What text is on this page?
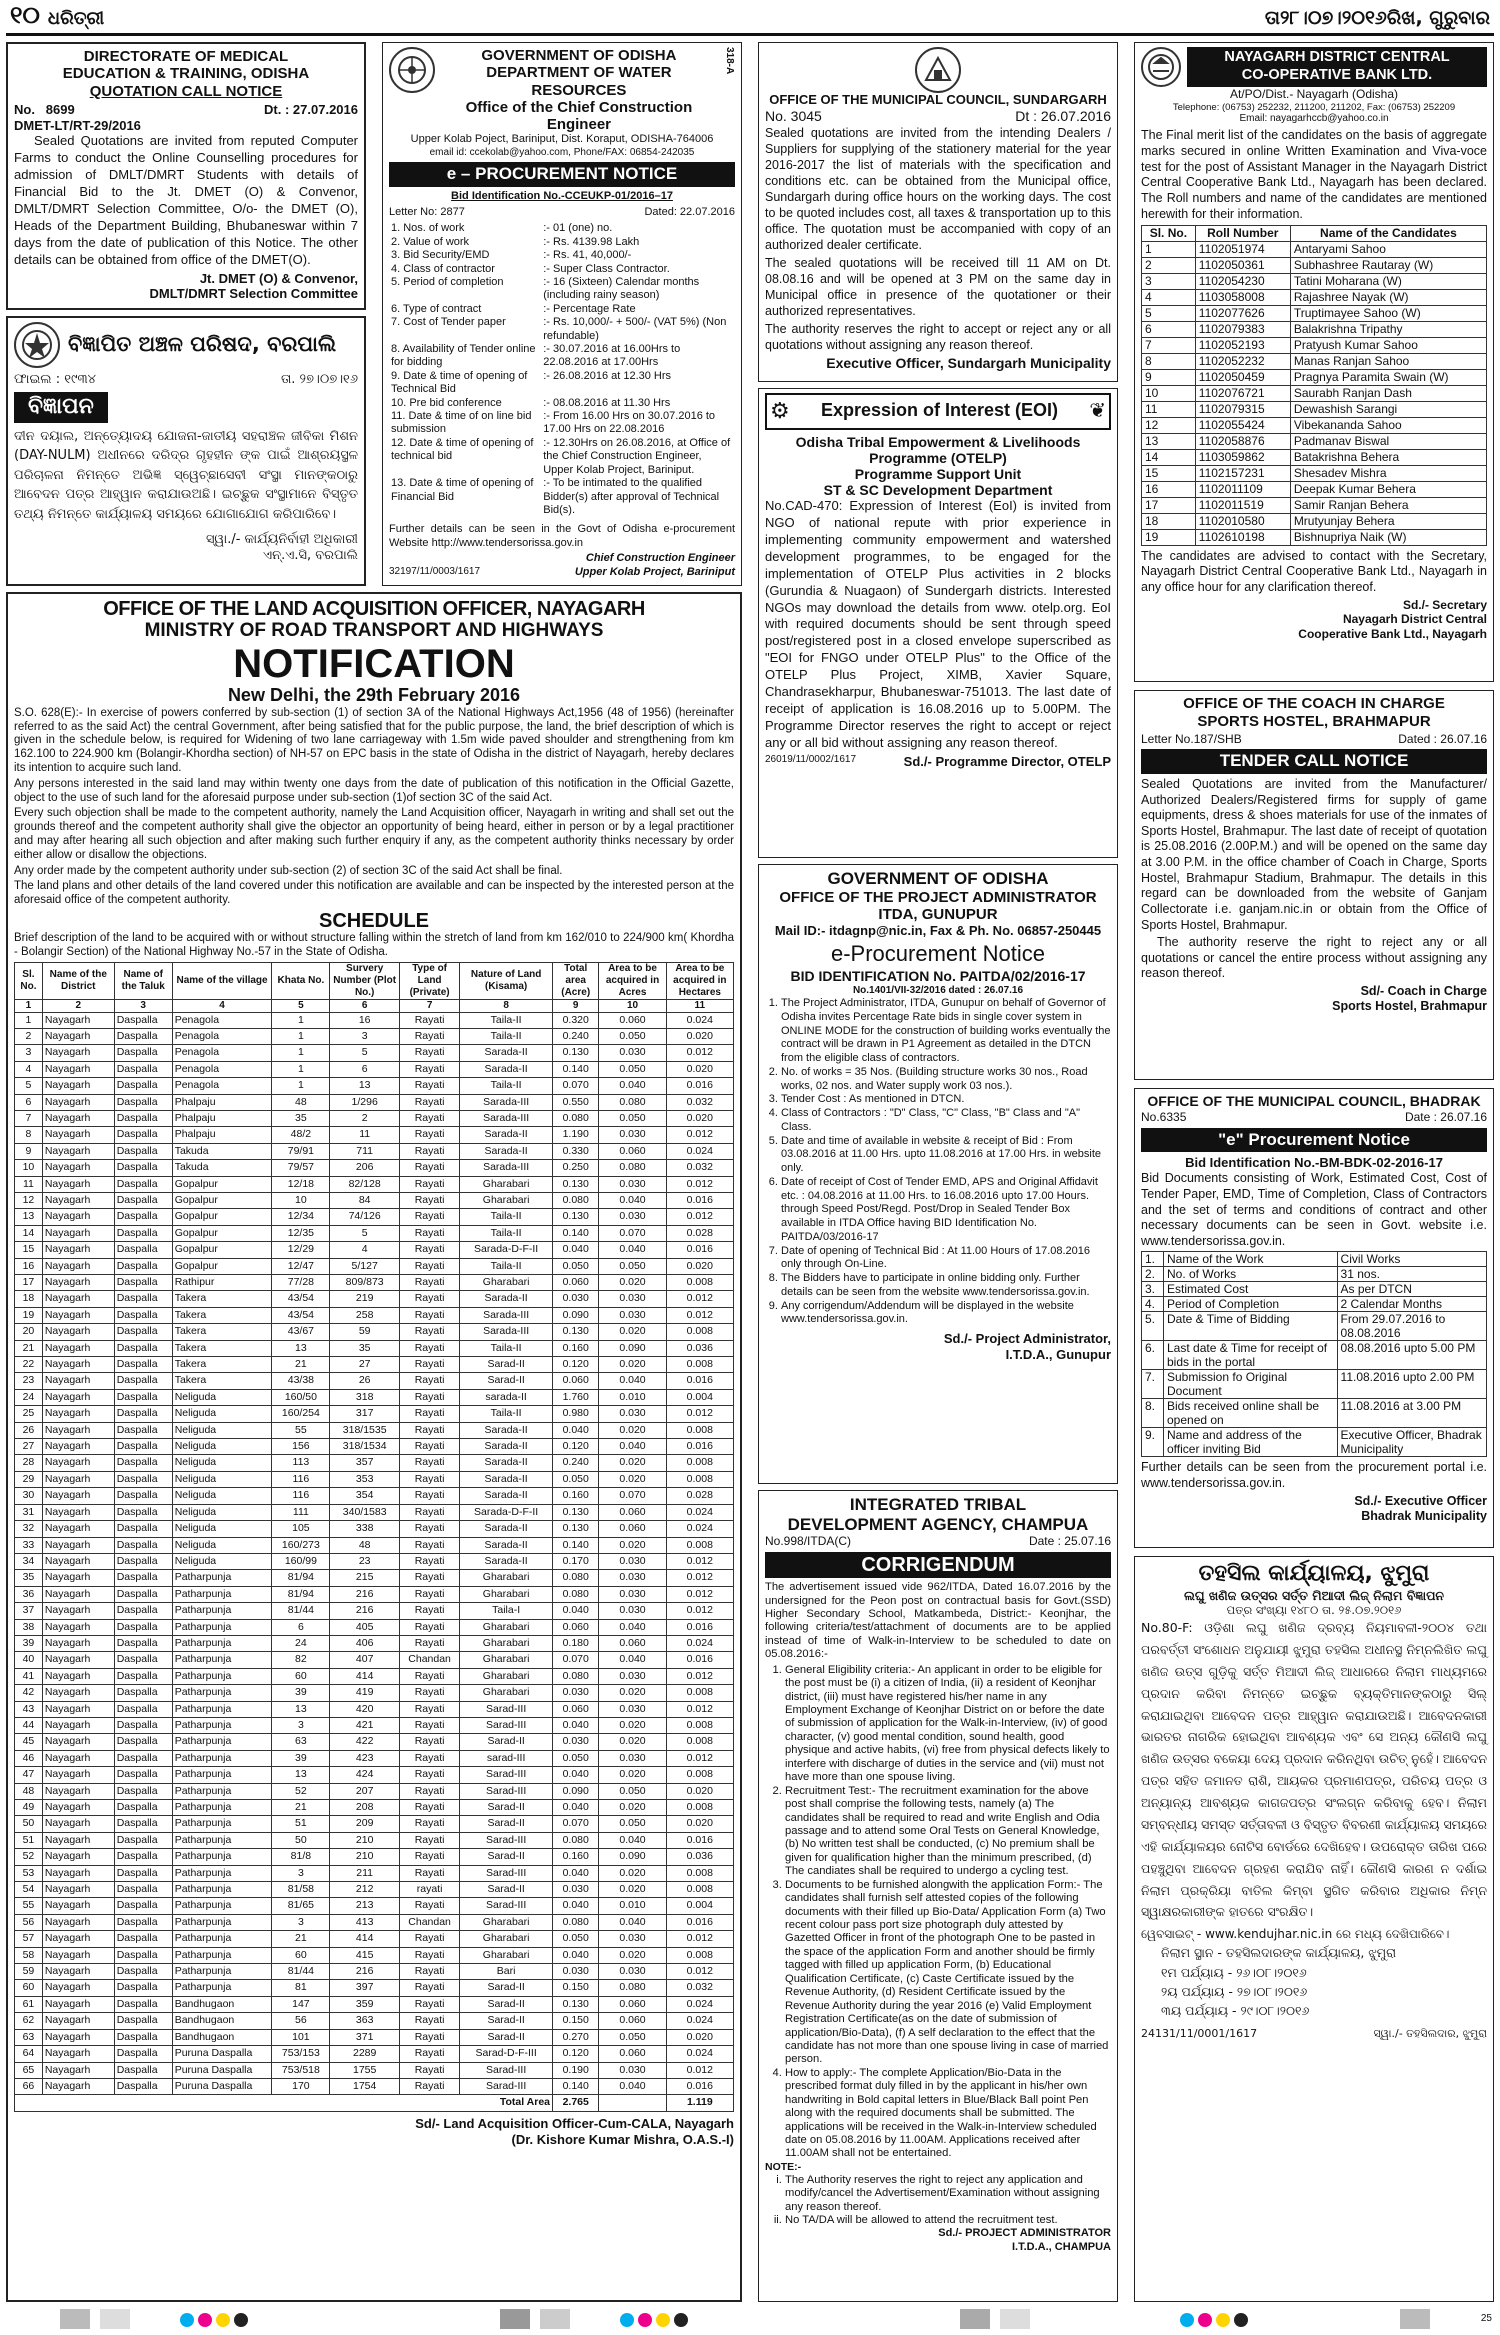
୧୦ ଧରିତ୍ରୀ	ତା୨୮।୦୭।୨୦୧୬ରିଖ, ଗୁରୁବାର
DIRECTORATE OF MEDICAL
EDUCATION & TRAINING, ODISHA
QUOTATION CALL NOTICE
No. 8699	Dt. : 27.07.2016
DMET-LT/RT-29/2016

Sealed Quotations are invited from reputed Computer Farms to conduct the Online Counselling procedures for admission of DMLT/DMRT Students with details of Financial Bid to the Jt. DMET (O) & Convenor, DMLT/DMRT Selection Committee, O/o- the DMET (O), Heads of the Department Building, Bhubaneswar within 7 days from the date of publication of this Notice. The other details can be obtained from office of the DMET(O).

Jt. DMET (O) & Convenor,
DMLT/DMRT Selection Committee
ବିଜ୍ଞାପିତ ଅଞ୍ଚଳ ପରିଷଦ, ବରପାଲି
ଫାଇଲ : ୧୯୩୪	ତା. ୨୭।୦୭।୧୬
ବିଜ୍ଞାପନ

ଦୀନ ଦୟାଲ, ଅନ୍ତ୍ୟୋଦୟ ଯୋଜନା-ଜାତୀୟ ସହରାଞ୍ଚଳ ଜୀବିକା ମିଶନ (DAY-NULM) ଅଧୀନରେ ଦରିଦ୍ର ଗୃହହୀନ ଙ୍କ ପାଇଁ ଆଶ୍ରୟସ୍ଥଳ ପରିଚାଳନା ନିମନ୍ତେ ଅଭିଜ୍ଞ ସ୍ୱେଚ୍ଛାସେବୀ ସଂସ୍ଥା ମାନଙ୍କଠାରୁ ଆବେଦନ ପତ୍ର ଆହ୍ୱାନ କରାଯାଉଅଛି। ଇଚ୍ଛୁକ ସଂସ୍ଥାମାନେ ବିସ୍ତୃତ ତଥ୍ୟ ନିମନ୍ତେ କାର୍ଯ୍ୟାଳୟ ସମୟରେ ଯୋଗାଯୋଗ କରିପାରିବେ।

ସ୍ୱା./- କାର୍ଯ୍ୟନିର୍ବାହୀ ଅଧିକାରୀ
ଏନ୍.ଏ.ସି, ବରପାଲି
GOVERNMENT OF ODISHA
DEPARTMENT OF WATER RESOURCES
Office of the Chief Construction Engineer
318-A
Upper Kolab Poject, Bariniput, Dist. Koraput, ODISHA-764006
email id: ccekolab@yahoo.com, Phone/FAX: 06854-242035
e – PROCUREMENT NOTICE
Bid Identification No.-CCEUKP-01/2016–17
Letter No: 2877	Dated: 22.07.2016
1. Nos. of work	:- 01 (one) no.
2. Value of work	:- Rs. 4139.98 Lakh
3. Bid Security/EMD	:- Rs. 41, 40,000/-
4. Class of contractor	:- Super Class Contractor.
5. Period of completion	:- 16 (Sixteen) Calendar months (including rainy season)
6. Type of contract	:- Percentage Rate
7. Cost of Tender paper	:- Rs. 10,000/- + 500/- (VAT 5%) (Non refundable)
8. Availability of Tender online for bidding	:- 30.07.2016 at 16.00Hrs to 22.08.2016 at 17.00Hrs
9. Date & time of opening of Technical Bid	:- 26.08.2016 at 12.30 Hrs
10. Pre bid conference	:- 08.08.2016 at 11.30 Hrs
11. Date & time of on line bid submission	:- From 16.00 Hrs on 30.07.2016 to 17.00 Hrs on 22.08.2016
12. Date & time of opening of technical bid	:- 12.30Hrs on 26.08.2016, at Office of the Chief Construction Engineer, Upper Kolab Project, Bariniput.
13. Date & time of opening of Financial Bid	:- To be intimated to the qualified Bidder(s) after approval of Technical Bid(s).

Further details can be seen in the Govt of Odisha e-procurement Website http://www.tendersorissa.gov.in

Chief Construction Engineer
32197/11/0003/1617	Upper Kolab Project, Bariniput
OFFICE OF THE MUNICIPAL COUNCIL, SUNDARGARH
No. 3045	Dt : 26.07.2016

Sealed quotations are invited from the intending Dealers / Suppliers for supplying of the stationery material for the year 2016-2017 the list of materials with the specification and conditions etc. can be obtained from the Municipal office, Sundargarh during office hours on the working days. The cost to be quoted includes cost, all taxes & transportation up to this office. The quotation must be accompanied with copy of an authorized dealer certificate.

The sealed quotations will be received till 11 AM on Dt. 08.08.16 and will be opened at 3 PM on the same day in Municipal office in presence of the quotationer or their authorized representatives.

The authority reserves the right to accept or reject any or all quotations without assigning any reason thereof.

Executive Officer, Sundargarh Municipality
⚙	Expression of Interest (EOI)	❦
Odisha Tribal Empowerment & Livelihoods
Programme (OTELP)
Programme Support Unit
ST & SC Development Department

No.CAD-470: Expression of Interest (EoI) is invited from NGO of national repute with prior experience in implementing community empowerment and watershed development programmes, to be engaged for the implementation of OTELP Plus activities in 2 blocks (Gurundia & Nuagaon) of Sundergarh districts. Interested NGOs may download the details from www. otelp.org. EoI with required documents should be sent through speed post/registered post in a closed envelope superscribed as "EOI for FNGO under OTELP Plus" to the Office of the OTELP Plus Project, XIMB, Xavier Square, Chandrasekharpur, Bhubaneswar-751013. The last date of receipt of application is 16.08.2016 up to 5.00PM. The Programme Director reserves the right to accept or reject any or all bid without assigning any reason thereof.

26019/11/0002/1617	Sd./- Programme Director, OTELP
GOVERNMENT OF ODISHA
OFFICE OF THE PROJECT ADMINISTRATOR
ITDA, GUNUPUR
Mail ID:- itdagnp@nic.in, Fax & Ph. No. 06857-250445
e-Procurement Notice
BID IDENTIFICATION No. PAITDA/02/2016-17
No.1401/VII-32/2016 dated : 26.07.16
1. The Project Administrator, ITDA, Gunupur on behalf of Governor of Odisha invites Percentage Rate bids in single cover system in ONLINE MODE for the construction of building works eventually the contract will be drawn in P1 Agreement as detailed in the DTCN from the eligible class of contractors.
2. No. of works = 35 Nos. (Building structure works 30 nos., Road works, 02 nos. and Water supply work 03 nos.).
3. Tender Cost : As mentioned in DTCN.
4. Class of Contractors : "D" Class, "C" Class, "B" Class and "A" Class.
5. Date and time of available in website & receipt of Bid : From 03.08.2016 at 11.00 Hrs. upto 11.08.2016 at 17.00 Hrs. in website only.
6. Date of receipt of Cost of Tender EMD, APS and Original Affidavit etc. : 04.08.2016 at 11.00 Hrs. to 16.08.2016 upto 17.00 Hours. through Speed Post/Regd. Post/Drop in Sealed Tender Box available in ITDA Office having BID Identification No. PAITDA/03/2016-17
7. Date of opening of Technical Bid : At 11.00 Hours of 17.08.2016 only through On-Line.
8. The Bidders have to participate in online bidding only. Further details can be seen from the website www.tendersorissa.gov.in.
9. Any corrigendum/Addendum will be displayed in the website www.tendersorissa.gov.in.
Sd./- Project Administrator,
I.T.D.A., Gunupur
INTEGRATED TRIBAL
DEVELOPMENT AGENCY, CHAMPUA
No.998/ITDA(C)	Date : 25.07.16
CORRIGENDUM

The advertisement issued vide 962/ITDA, Dated 16.07.2016 by the undersigned for the Peon post on contractual basis for Govt.(SSD) Higher Secondary School, Matkambeda, District:- Keonjhar, the following criteria/test/attachment of documents are to be applied instead of time of Walk-in-Interview to be scheduled to date on 05.08.2016:-

1. General Eligibility criteria:- An applicant in order to be eligible for the post must be (i) a citizen of India, (ii) a resident of Keonjhar district, (iii) must have registered his/her name in any Employment Exchange of Keonjhar District on or before the date of submission of application for the Walk-in-Interview, (iv) of good character, (v) good mental condition, sound health, good physique and active habits, (vi) free from physical defects likely to interfere with discharge of duties in the service and (vii) must not have more than one spouse living.
2. Recruitment Test:- The recruitment examination for the above post shall comprise the following tests, namely (a) The candidates shall be required to read and write English and Odia passage and to attend some Oral Tests on General Knowledge, (b) No written test shall be conducted, (c) No premium shall be given for qualification higher than the minimum prescribed, (d) The candiates shall be required to undergo a cycling test.
3. Documents to be furnished alongwith the application Form:- The candidates shall furnish self attested copies of the following documents with their filled up Bio-Data/ Application Form (a) Two recent colour pass port size photograph duly attested by Gazetted Officer in front of the photograph One to be pasted in the space of the application Form and another should be firmly tagged with filled up application Form, (b) Educational Qualification Certificate, (c) Caste Certificate issued by the Revenue Authority, (d) Resident Certificate issued by the Revenue Authority during the year 2016 (e) Valid Employment Registration Certificate(as on the date of submission of application/Bio-Data), (f) A self declaration to the effect that the candidate has not more than one spouse living in case of married person.
4. How to apply:- The complete Application/Bio-Data in the prescribed format duly filled in by the applicant in his/her own handwriting in Bold capital letters in Blue/Black Ball point Pen along with the required documents shall be submitted. The applications will be received in the Walk-in-Interview scheduled date on 05.08.2016 by 11.00AM. Applications received after 11.00AM shall not be entertained.
NOTE:-
i. The Authority reserves the right to reject any application and modify/cancel the Advertisement/Examination without assigning any reason thereof.
ii. No TA/DA will be allowed to attend the recruitment test.
Sd./- PROJECT ADMINISTRATOR
I.T.D.A., CHAMPUA
OFFICE OF THE LAND ACQUISITION OFFICER, NAYAGARH
MINISTRY OF ROAD TRANSPORT AND HIGHWAYS
NOTIFICATION
New Delhi, the 29th February 2016

S.O. 628(E):- In exercise of powers conferred by sub-section (1) of section 3A of the National Highways Act,1956 (48 of 1956) (hereinafter referred to as the said Act) the central Government, after being satisfied that for the public purpose, the land, the brief description of which is given in the schedule below, is required for Widening of two lane carriageway with 1.5m wide paved shoulder and strengthening from km 162.100 to 224.900 km (Bolangir-Khordha section) of NH-57 on EPC basis in the state of Odisha in the district of Nayagarh, hereby declares its intention to acquire such land.

Any persons interested in the said land may within twenty one days from the date of publication of this notification in the Official Gazette, object to the use of such land for the aforesaid purpose under sub-section (1)of section 3C of the said Act.

Every such objection shall be made to the competent authority, namely the Land Acquisition officer, Nayagarh in writing and shall set out the grounds thereof and the competent authority shall give the objector an opportunity of being heard, either in person or by a legal practitioner and may after hearing all such objection and after making such further enquiry if any, as the competent authority thinks necessary by order either allow or disallow the objections.

Any order made by the competent authority under sub-section (2) of section 3C of the said Act shall be final.

The land plans and other details of the land covered under this notification are available and can be inspected by the interested person at the aforesaid office of the competent authority.

SCHEDULE

Brief description of the land to be acquired with or without structure falling within the stretch of land from km 162/010 to 224/900 km( Khordha - Bolangir Section) of the National Highway No.-57 in the State of Odisha.

Sl. No.	Name of the District	Name of the Taluk	Name of the village	Khata No.	Survery Number (Plot No.)	Type of Land (Private)	Nature of Land (Kisama)	Total area (Acre)	Area to be acquired in Acres	Area to be acquired in Hectares
1	2	3	4	5	6	7	8	9	10	11
1	Nayagarh	Daspalla	Penagola	1	16	Rayati	Taila-II	0.320	0.060	0.024
2	Nayagarh	Daspalla	Penagola	1	3	Rayati	Taila-II	0.240	0.050	0.020
3	Nayagarh	Daspalla	Penagola	1	5	Rayati	Sarada-II	0.130	0.030	0.012
4	Nayagarh	Daspalla	Penagola	1	6	Rayati	Sarada-II	0.140	0.050	0.020
5	Nayagarh	Daspalla	Penagola	1	13	Rayati	Taila-II	0.070	0.040	0.016
6	Nayagarh	Daspalla	Phalpaju	48	1/296	Rayati	Sarada-III	0.550	0.080	0.032
7	Nayagarh	Daspalla	Phalpaju	35	2	Rayati	Sarada-III	0.080	0.050	0.020
8	Nayagarh	Daspalla	Phalpaju	48/2	11	Rayati	Sarada-II	1.190	0.030	0.012
9	Nayagarh	Daspalla	Takuda	79/91	711	Rayati	Sarada-II	0.330	0.060	0.024
10	Nayagarh	Daspalla	Takuda	79/57	206	Rayati	Sarada-III	0.250	0.080	0.032
11	Nayagarh	Daspalla	Gopalpur	12/18	82/128	Rayati	Gharabari	0.130	0.030	0.012
12	Nayagarh	Daspalla	Gopalpur	10	84	Rayati	Gharabari	0.080	0.040	0.016
13	Nayagarh	Daspalla	Gopalpur	12/34	74/126	Rayati	Taila-II	0.130	0.030	0.012
14	Nayagarh	Daspalla	Gopalpur	12/35	5	Rayati	Taila-II	0.140	0.070	0.028
15	Nayagarh	Daspalla	Gopalpur	12/29	4	Rayati	Sarada-D-F-II	0.040	0.040	0.016
16	Nayagarh	Daspalla	Gopalpur	12/47	5/127	Rayati	Taila-II	0.050	0.050	0.020
17	Nayagarh	Daspalla	Rathipur	77/28	809/873	Rayati	Gharabari	0.060	0.020	0.008
18	Nayagarh	Daspalla	Takera	43/54	219	Rayati	Sarada-II	0.030	0.030	0.012
19	Nayagarh	Daspalla	Takera	43/54	258	Rayati	Sarada-III	0.090	0.030	0.012
20	Nayagarh	Daspalla	Takera	43/67	59	Rayati	Sarada-III	0.130	0.020	0.008
21	Nayagarh	Daspalla	Takera	13	35	Rayati	Taila-II	0.160	0.090	0.036
22	Nayagarh	Daspalla	Takera	21	27	Rayati	Sarad-II	0.120	0.020	0.008
23	Nayagarh	Daspalla	Takera	43/38	26	Rayati	Sarad-II	0.060	0.040	0.016
24	Nayagarh	Daspalla	Neliguda	160/50	318	Rayati	sarada-II	1.760	0.010	0.004
25	Nayagarh	Daspalla	Neliguda	160/254	317	Rayati	Taila-II	0.980	0.030	0.012
26	Nayagarh	Daspalla	Neliguda	55	318/1535	Rayati	Sarada-II	0.040	0.020	0.008
27	Nayagarh	Daspalla	Neliguda	156	318/1534	Rayati	Sarada-II	0.120	0.040	0.016
28	Nayagarh	Daspalla	Neliguda	113	357	Rayati	Sarada-II	0.240	0.020	0.008
29	Nayagarh	Daspalla	Neliguda	116	353	Rayati	Sarada-II	0.050	0.020	0.008
30	Nayagarh	Daspalla	Neliguda	116	354	Rayati	Sarada-II	0.160	0.070	0.028
31	Nayagarh	Daspalla	Neliguda	111	340/1583	Rayati	Sarada-D-F-II	0.130	0.060	0.024
32	Nayagarh	Daspalla	Neliguda	105	338	Rayati	Sarada-II	0.130	0.060	0.024
33	Nayagarh	Daspalla	Neliguda	160/273	48	Rayati	Sarada-II	0.140	0.020	0.008
34	Nayagarh	Daspalla	Neliguda	160/99	23	Rayati	Sarada-II	0.170	0.030	0.012
35	Nayagarh	Daspalla	Patharpunja	81/94	215	Rayati	Gharabari	0.080	0.030	0.012
36	Nayagarh	Daspalla	Patharpunja	81/94	216	Rayati	Gharabari	0.080	0.030	0.012
37	Nayagarh	Daspalla	Patharpunja	81/44	216	Rayati	Taila-I	0.040	0.030	0.012
38	Nayagarh	Daspalla	Patharpunja	6	405	Rayati	Gharabari	0.060	0.040	0.016
39	Nayagarh	Daspalla	Patharpunja	24	406	Rayati	Gharabari	0.180	0.060	0.024
40	Nayagarh	Daspalla	Patharpunja	82	407	Chandan	Gharabari	0.070	0.040	0.016
41	Nayagarh	Daspalla	Patharpunja	60	414	Rayati	Gharabari	0.080	0.030	0.012
42	Nayagarh	Daspalla	Patharpunja	39	419	Rayati	Gharabari	0.030	0.020	0.008
43	Nayagarh	Daspalla	Patharpunja	13	420	Rayati	Sarad-III	0.060	0.030	0.012
44	Nayagarh	Daspalla	Patharpunja	3	421	Rayati	Sarad-III	0.040	0.020	0.008
45	Nayagarh	Daspalla	Patharpunja	63	422	Rayati	Sarad-II	0.030	0.020	0.008
46	Nayagarh	Daspalla	Patharpunja	39	423	Rayati	sarad-III	0.050	0.030	0.012
47	Nayagarh	Daspalla	Patharpunja	13	424	Rayati	Sarad-III	0.040	0.020	0.008
48	Nayagarh	Daspalla	Patharpunja	52	207	Rayati	Sarad-III	0.090	0.050	0.020
49	Nayagarh	Daspalla	Patharpunja	21	208	Rayati	Sarad-II	0.040	0.020	0.008
50	Nayagarh	Daspalla	Patharpunja	51	209	Rayati	Sarad-II	0.070	0.050	0.020
51	Nayagarh	Daspalla	Patharpunja	50	210	Rayati	Sarad-III	0.080	0.040	0.016
52	Nayagarh	Daspalla	Patharpunja	81/8	210	Rayati	Sarad-II	0.160	0.090	0.036
53	Nayagarh	Daspalla	Patharpunja	3	211	Rayati	Sarad-III	0.040	0.020	0.008
54	Nayagarh	Daspalla	Patharpunja	81/58	212	rayati	Sarad-II	0.030	0.020	0.008
55	Nayagarh	Daspalla	Patharpunja	81/65	213	Rayati	Sarad-III	0.040	0.010	0.004
56	Nayagarh	Daspalla	Patharpunja	3	413	Chandan	Gharabari	0.080	0.040	0.016
57	Nayagarh	Daspalla	Patharpunja	21	414	Rayati	Gharabari	0.050	0.030	0.012
58	Nayagarh	Daspalla	Patharpunja	60	415	Rayati	Gharabari	0.040	0.020	0.008
59	Nayagarh	Daspalla	Patharpunja	81/44	216	Rayati	Bari	0.030	0.030	0.012
60	Nayagarh	Daspalla	Patharpunja	81	397	Rayati	Sarad-II	0.150	0.080	0.032
61	Nayagarh	Daspalla	Bandhugaon	147	359	Rayati	Sarad-II	0.130	0.060	0.024
62	Nayagarh	Daspalla	Bandhugaon	56	363	Rayati	Sarad-II	0.150	0.060	0.024
63	Nayagarh	Daspalla	Bandhugaon	101	371	Rayati	Sarad-II	0.270	0.050	0.020
64	Nayagarh	Daspalla	Puruna Daspalla	753/153	2289	Rayati	Sarad-D-F-III	0.120	0.060	0.024
65	Nayagarh	Daspalla	Puruna Daspalla	753/518	1755	Rayati	Sarad-III	0.190	0.030	0.012
66	Nayagarh	Daspalla	Puruna Daspalla	170	1754	Rayati	Sarad-III	0.140	0.040	0.016
Total Area								2.765		1.119
Sd/- Land Acquisition Officer-Cum-CALA, Nayagarh
(Dr. Kishore Kumar Mishra, O.A.S.-I)
NAYAGARH DISTRICT CENTRAL
CO-OPERATIVE BANK LTD.
At/PO/Dist.- Nayagarh (Odisha)
Telephone: (06753) 252232, 211200, 211202, Fax: (06753) 252209
Email: nayagarhccb@yahoo.co.in

The Final merit list of the candidates on the basis of aggregate marks secured in online Written Examination and Viva-voce test for the post of Assistant Manager in the Nayagarh District Central Cooperative Bank Ltd., Nayagarh has been declared. The Roll numbers and name of the candidates are mentioned herewith for their information.

Sl. No.	Roll Number	Name of the Candidates
1	1102051974	Antaryami Sahoo
2	1102050361	Subhashree Rautaray (W)
3	1102054230	Tatini Moharana (W)
4	1103058008	Rajashree Nayak (W)
5	1102077626	Truptimayee Sahoo (W)
6	1102079383	Balakrishna Tripathy
7	1102052193	Pratyush Kumar Sahoo
8	1102052232	Manas Ranjan Sahoo
9	1102050459	Pragnya Paramita Swain (W)
10	1102076721	Saurabh Ranjan Dash
11	1102079315	Dewashish Sarangi
12	1102055424	Vibekananda Sahoo
13	1102058876	Padmanav Biswal
14	1103059862	Batakrishna Behera
15	1102157231	Shesadev Mishra
16	1102011109	Deepak Kumar Behera
17	1102011519	Samir Ranjan Behera
18	1102010580	Mrutyunjay Behera
19	1102610198	Bishnupriya Naik (W)

The candidates are advised to contact with the Secretary, Nayagarh District Central Cooperative Bank Ltd., Nayagarh in any office hour for any clarification thereof.

Sd./- Secretary
Nayagarh District Central
Cooperative Bank Ltd., Nayagarh
OFFICE OF THE COACH IN CHARGE
SPORTS HOSTEL, BRAHMAPUR
Letter No.187/SHB	Dated : 26.07.16
TENDER CALL NOTICE

Sealed Quotations are invited from the Manufacturer/ Authorized Dealers/Registered firms for supply of game equipments, dress & shoes materials for use of the inmates of Sports Hostel, Brahmapur. The last date of receipt of quotation is 25.08.2016 (2.00P.M.) and will be opened on the same day at 3.00 P.M. in the office chamber of Coach in Charge, Sports Hostel, Brahmapur Stadium, Brahmapur. The details in this regard can be downloaded from the website of Ganjam Collectorate i.e. ganjam.nic.in or obtain from the Office of Sports Hostel, Brahmapur.

The authority reserve the right to reject any or all quotations or cancel the entire process without assigning any reason thereof.

Sd/- Coach in Charge
Sports Hostel, Brahmapur
OFFICE OF THE MUNICIPAL COUNCIL, BHADRAK
No.6335	Date : 26.07.16
"e" Procurement Notice
Bid Identification No.-BM-BDK-02-2016-17

Bid Documents consisting of Work, Estimated Cost, Cost of Tender Paper, EMD, Time of Completion, Class of Contractors and the set of terms and conditions of contract and other necessary documents can be seen in Govt. website i.e. www.tendersorissa.gov.in.

1.	Name of the Work	Civil Works
2.	No. of Works	31 nos.
3.	Estimated Cost	As per DTCN
4.	Period of Completion	2 Calendar Months
5.	Date & Time of Bidding	From 29.07.2016 to 08.08.2016
6.	Last date & Time for receipt of bids in the portal	08.08.2016 upto 5.00 PM
7.	Submission fo Original Document	11.08.2016 upto 2.00 PM
8.	Bids received online shall be opened on	11.08.2016 at 3.00 PM
9.	Name and address of the officer inviting Bid	Executive Officer, Bhadrak Municipality

Further details can be seen from the procurement portal i.e. www.tendersorissa.gov.in.

Sd./- Executive Officer
Bhadrak Municipality
ତହସିଲ କାର୍ଯ୍ୟାଳୟ, ଝୁମୁରା
ଲଘୁ ଖଣିଜ ଉତ୍ସର ସର୍ତ୍ତ ମିଆଦୀ ଲିଜ୍ ନିଲାମ ବିଜ୍ଞାପନ
ପତ୍ର ସଂଖ୍ୟା ୧୪୮୦ ତା. ୨୫.୦୭.୨୦୧୬

No.80-F: ଓଡ଼ିଶା ଲଘୁ ଖଣିଜ ଦ୍ରବ୍ୟ ନିୟମାବଳୀ-୨୦୦୪ ତଥା ପରବର୍ତ୍ତୀ ସଂଶୋଧନ ଅନୁଯାୟୀ ଝୁମୁରା ତହସିଲ ଅଧୀନସ୍ଥ ନିମ୍ନଲିଖିତ ଲଘୁ ଖଣିଜ ଉତ୍ସ ଗୁଡ଼ିକୁ ସର୍ତ୍ତ ମିଆଦୀ ଲିଜ୍ ଆଧାରରେ ନିଲାମ ମାଧ୍ୟମରେ ପ୍ରଦାନ କରିବା ନିମନ୍ତେ ଇଚ୍ଛୁକ ବ୍ୟକ୍ତିମାନଙ୍କଠାରୁ ସିଲ୍ କରାଯାଇଥିବା ଆବେଦନ ପତ୍ର ଆହ୍ୱାନ କରାଯାଉଅଛି। ଆବେଦନକାରୀ ଭାରତର ନାଗରିକ ହୋଇଥିବା ଆବଶ୍ୟକ ଏବଂ ସେ ଅନ୍ୟ କୌଣସି ଲଘୁ ଖଣିଜ ଉତ୍ସର ବକେୟା ଦେୟ ପ୍ରଦାନ କରିନଥିବା ଉଚିତ୍ ନୁହେଁ। ଆବେଦନ ପତ୍ର ସହିତ ଜମାନତ ରାଶି, ଆୟକର ପ୍ରମାଣପତ୍ର, ପରିଚୟ ପତ୍ର ଓ ଅନ୍ୟାନ୍ୟ ଆବଶ୍ୟକ କାଗଜପତ୍ର ସଂଲଗ୍ନ କରିବାକୁ ହେବ। ନିଲାମ ସମ୍ବନ୍ଧୀୟ ସମସ୍ତ ସର୍ତ୍ତାବଳୀ ଓ ବିସ୍ତୃତ ବିବରଣୀ କାର୍ଯ୍ୟାଳୟ ସମୟରେ ଏହି କାର୍ଯ୍ୟାଳୟର ନୋଟିସ ବୋର୍ଡରେ ଦେଖିହେବ। ଉପରୋକ୍ତ ତାରିଖ ପରେ ପହଞ୍ଚୁଥିବା ଆବେଦନ ଗ୍ରହଣ କରାଯିବ ନାହିଁ। କୌଣସି କାରଣ ନ ଦର୍ଶାଇ ନିଲାମ ପ୍ରକ୍ରିୟା ବାତିଲ କିମ୍ବା ସ୍ଥଗିତ କରିବାର ଅଧିକାର ନିମ୍ନ ସ୍ୱାକ୍ଷରକାରୀଙ୍କ ହାତରେ ସଂରକ୍ଷିତ।

ୱେବସାଇଟ୍ - www.kendujhar.nic.in ରେ ମଧ୍ୟ ଦେଖିପାରିବେ।
ନିଲାମ ସ୍ଥାନ - ତହସିଲଦାରଙ୍କ କାର୍ଯ୍ୟାଳୟ, ଝୁମୁରା
୧ମ ପର୍ଯ୍ୟାୟ - ୨୬।୦୮।୨୦୧୬
୨ୟ ପର୍ଯ୍ୟାୟ - ୨୭।୦୮।୨୦୧୬
୩ୟ ପର୍ଯ୍ୟାୟ - ୨୯।୦୮।୨୦୧୬
24131/11/0001/1617	ସ୍ୱା./- ତହସିଲଦାର, ଝୁମୁରା
25
